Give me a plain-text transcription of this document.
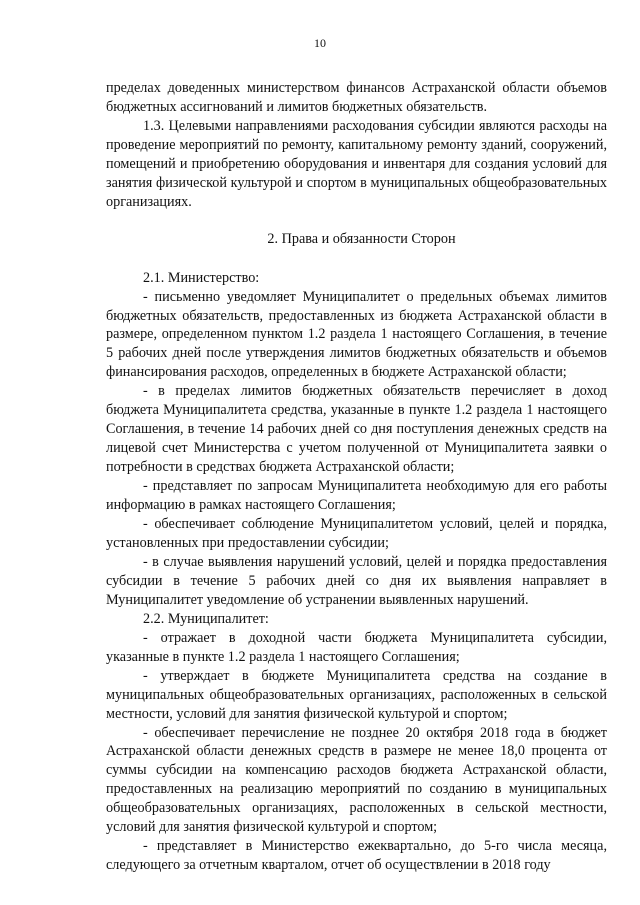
10

пределах доведенных министерством финансов Астраханской области объемов бюджетных ассигнований и лимитов бюджетных обязательств.

1.3. Целевыми направлениями расходования субсидии являются расходы на проведение мероприятий по ремонту, капитальному ремонту зданий, сооружений, помещений и приобретению оборудования и инвентаря для создания условий для занятия физической культурой и спортом в муниципальных общеобразовательных организациях.

2. Права и обязанности Сторон

2.1. Министерство:

- письменно уведомляет Муниципалитет о предельных объемах лимитов бюджетных обязательств, предоставленных из бюджета Астраханской области в размере, определенном пунктом 1.2 раздела 1 настоящего Соглашения, в течение 5 рабочих дней после утверждения лимитов бюджетных обязательств и объемов финансирования расходов, определенных в бюджете Астраханской области;

- в пределах лимитов бюджетных обязательств перечисляет в доход бюджета Муниципалитета средства, указанные в пункте 1.2 раздела 1 настоящего Соглашения, в течение 14 рабочих дней со дня поступления денежных средств на лицевой счет Министерства с учетом полученной от Муниципалитета заявки о потребности в средствах бюджета Астраханской области;

- представляет по запросам Муниципалитета необходимую для его работы информацию в рамках настоящего Соглашения;

- обеспечивает соблюдение Муниципалитетом условий, целей и порядка, установленных при предоставлении субсидии;

- в случае выявления нарушений условий, целей и порядка предоставления субсидии в течение 5 рабочих дней со дня их выявления направляет в Муниципалитет уведомление об устранении выявленных нарушений.

2.2. Муниципалитет:

- отражает в доходной части бюджета Муниципалитета субсидии, указанные в пункте 1.2 раздела 1 настоящего Соглашения;

- утверждает в бюджете Муниципалитета средства на создание в муниципальных общеобразовательных организациях, расположенных в сельской местности, условий для занятия физической культурой и спортом;

- обеспечивает перечисление не позднее 20 октября 2018 года в бюджет Астраханской области денежных средств в размере не менее 18,0 процента от суммы субсидии на компенсацию расходов бюджета Астраханской области, предоставленных на реализацию мероприятий по созданию в муниципальных общеобразовательных организациях, расположенных в сельской местности, условий для занятия физической культурой и спортом;

- представляет в Министерство ежеквартально, до 5-го числа месяца, следующего за отчетным кварталом, отчет об осуществлении в 2018 году
